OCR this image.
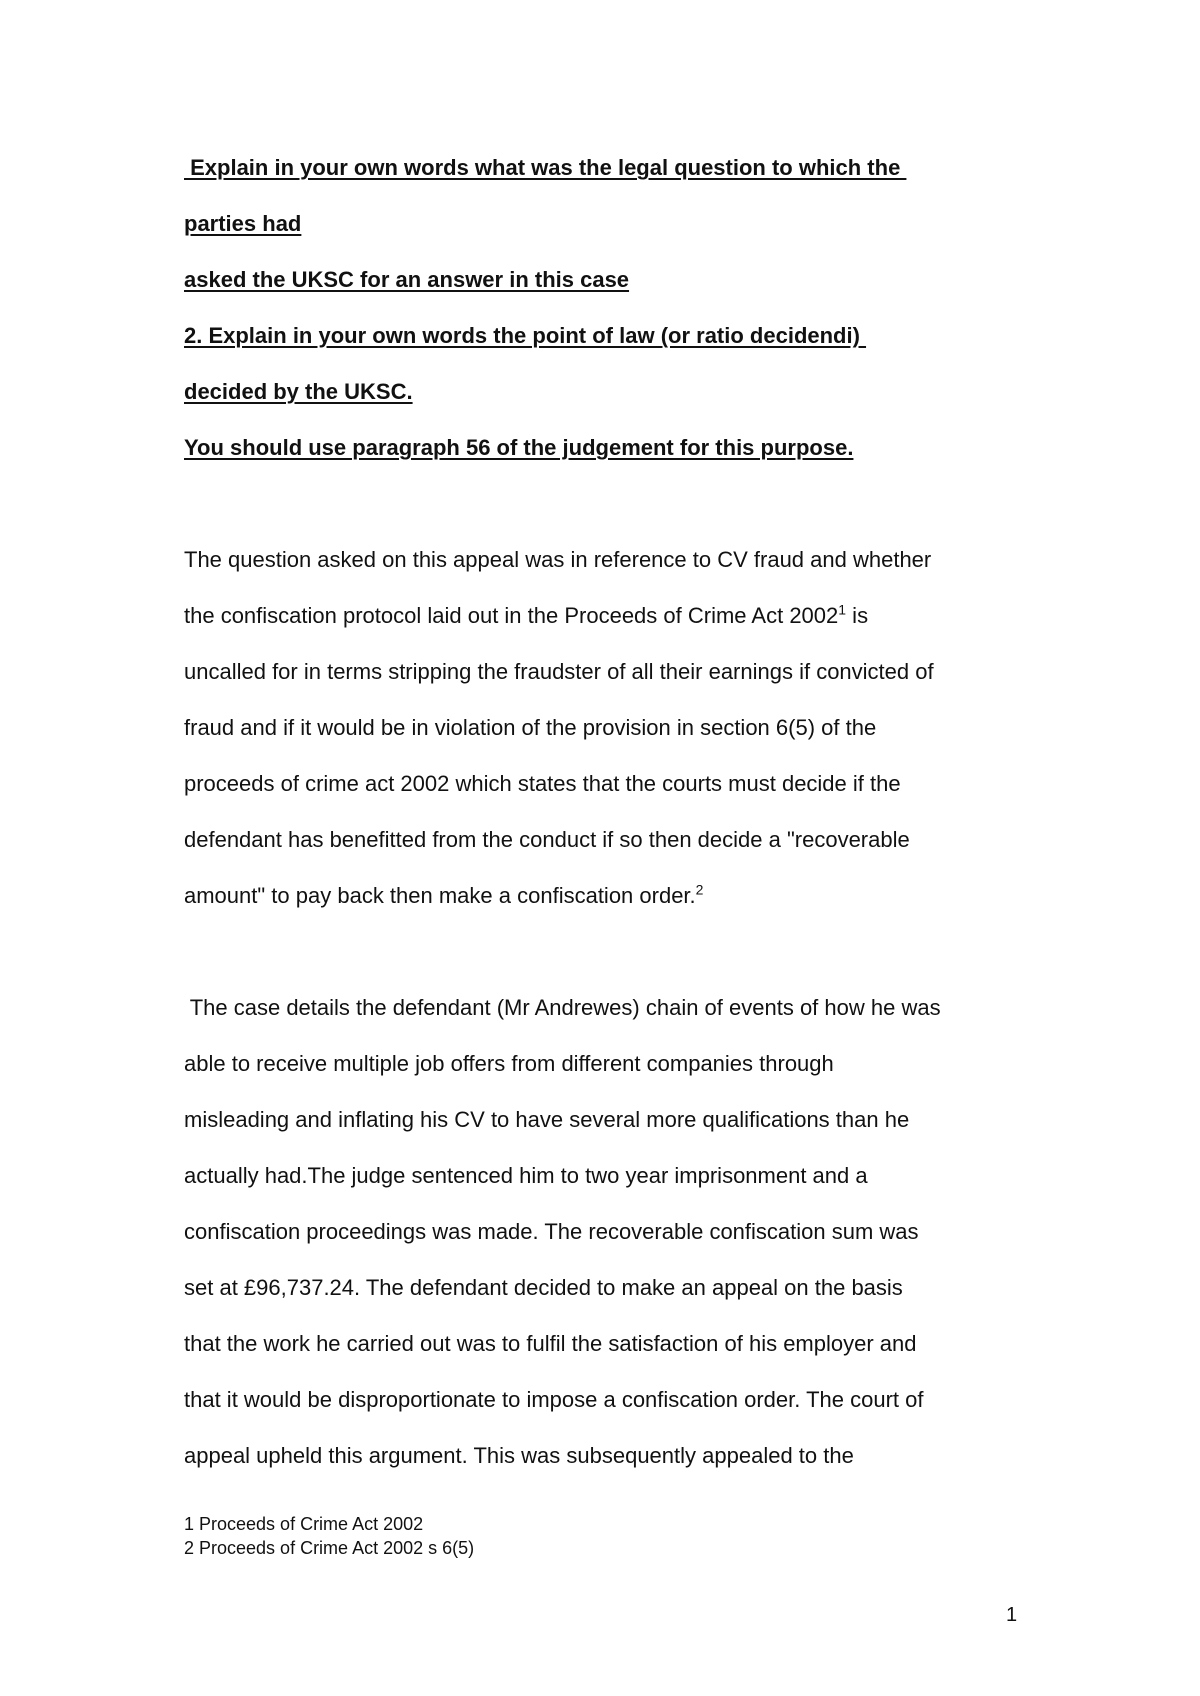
Explain in your own words what was the legal question to which the

parties had

asked the UKSC for an answer in this case

2. Explain in your own words the point of law (or ratio decidendi)

decided by the UKSC.

You should use paragraph 56 of the judgement for this purpose.

The question asked on this appeal was in reference to CV fraud and whether

the confiscation protocol laid out in the Proceeds of Crime Act 2002$^1$ is

uncalled for in terms stripping the fraudster of all their earnings if convicted of

fraud and if it would be in violation of the provision in section 6(5) of the

proceeds of crime act 2002 which states that the courts must decide if the

defendant has benefitted from the conduct if so then decide a "recoverable

amount" to pay back then make a confiscation order.$^2$

The case details the defendant (Mr Andrewes) chain of events of how he was

able to receive multiple job offers from different companies through

misleading and inflating his CV to have several more qualifications than he

actually had.The judge sentenced him to two year imprisonment and a

confiscation proceedings was made. The recoverable confiscation sum was

set at £96,737.24. The defendant decided to make an appeal on the basis

that the work he carried out was to fulfil the satisfaction of his employer and

that it would be disproportionate to impose a confiscation order. The court of

appeal upheld this argument. This was subsequently appealed to the

1 Proceeds of Crime Act 2002
2 Proceeds of Crime Act 2002 s 6(5)
1
